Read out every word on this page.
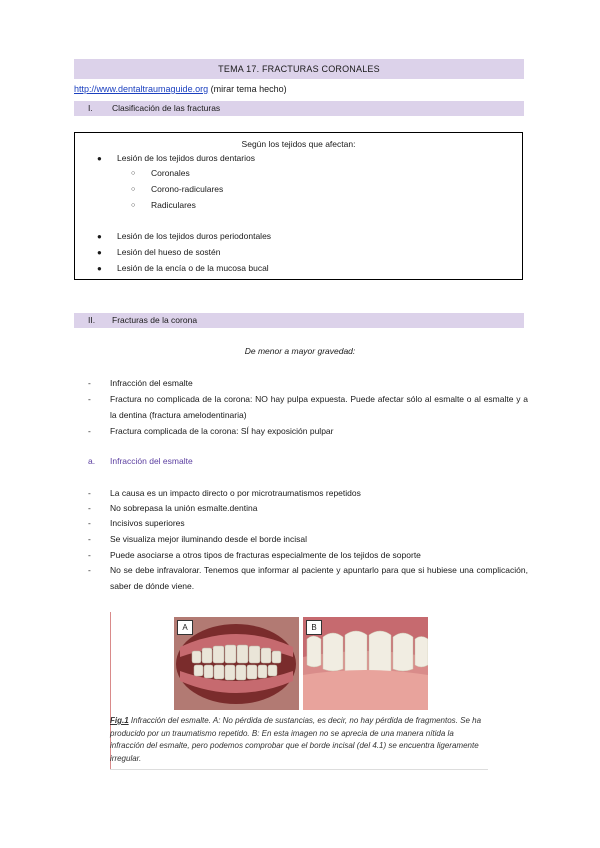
TEMA 17. FRACTURAS CORONALES
http://www.dentaltraumaguide.org (mirar tema hecho)
I. Clasificación de las fracturas
Según los tejidos que afectan:
●	Lesión de los tejidos duros dentarios
○	Coronales
○	Corono-radiculares
○	Radiculares
●	Lesión de los tejidos duros periodontales
●	Lesión del hueso de sostén
●	Lesión de la encía o de la mucosa bucal
II. Fracturas de la corona
De menor a mayor gravedad:
- Infracción del esmalte
- Fractura no complicada de la corona: NO hay pulpa expuesta. Puede afectar sólo al esmalte o al esmalte y a la dentina (fractura amelodentinaria)
- Fractura complicada de la corona: SÍ hay exposición pulpar
a. Infracción del esmalte
- La causa es un impacto directo o por microtraumatismos repetidos
- No sobrepasa la unión esmalte.dentina
- Incisivos superiores
- Se visualiza mejor iluminando desde el borde incisal
- Puede asociarse a otros tipos de fracturas especialmente de los tejidos de soporte
- No se debe infravalorar. Tenemos que informar al paciente y apuntarlo para que si hubiese una complicación, saber de dónde viene.
A	B
Fig.1 Infracción del esmalte. A: No pérdida de sustancias, es decir, no hay pérdida de fragmentos. Se ha producido por un traumatismo repetido. B: En esta imagen no se aprecia de una manera nítida la infracción del esmalte, pero podemos comprobar que el borde incisal (del 4.1) se encuentra ligeramente irregular.
